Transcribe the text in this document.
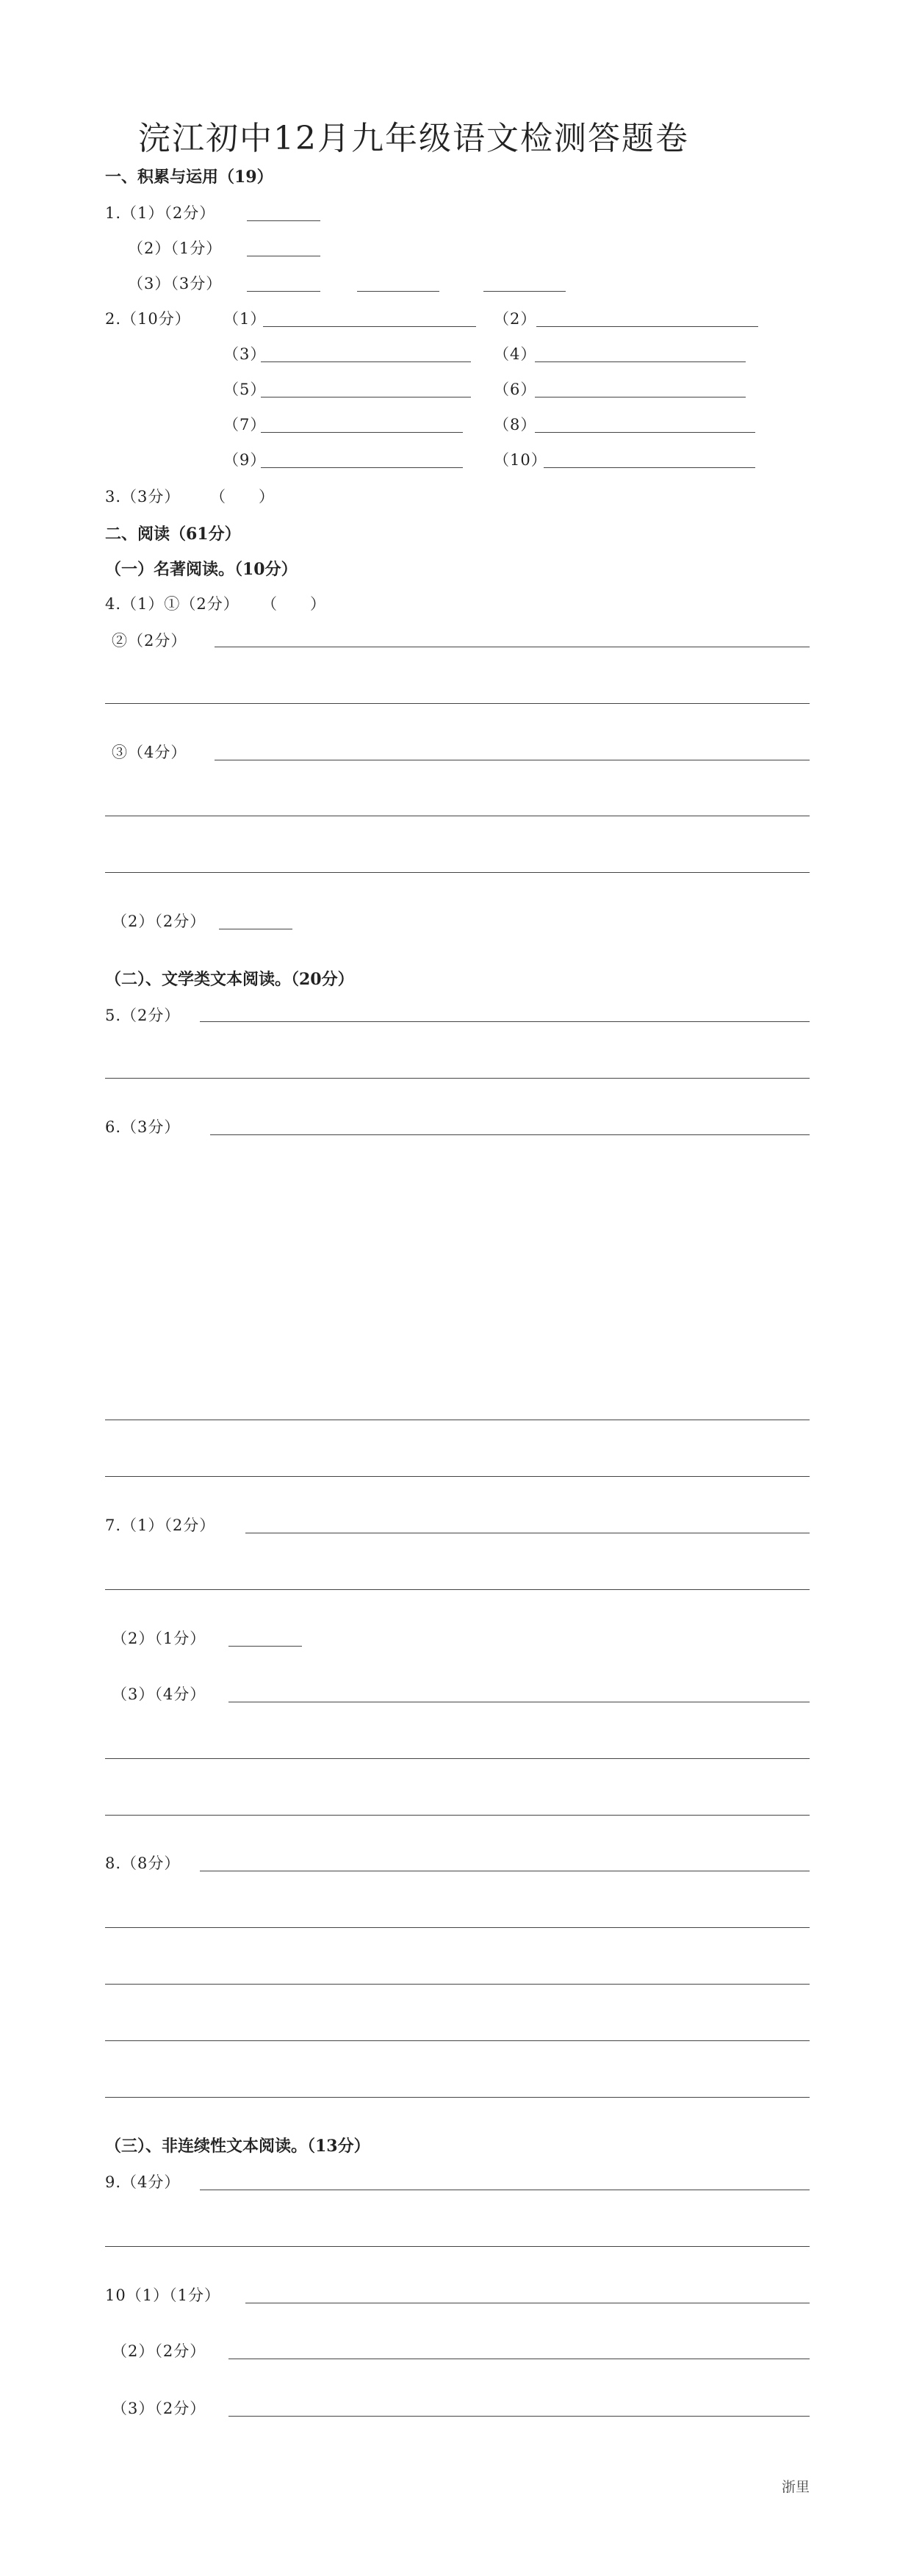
浣江初中12月九年级语文检测答题卷
一、积累与运用（19）
1.（1）（2分）
（2）（1分）
（3）（3分）
2.（10分） （1）	（2）
（3）	（4）
（5）	（6）
（7）	（8）
（9）	（10）
3.（3分） （　　）
二、阅读（61分）
（一）名著阅读。（10分）
4.（1）①（2分） （　　）
②（2分）
③（4分）
（2）（2分）
（二）、文学类文本阅读。（20分）
5.（2分）
6.（3分）
7.（1）（2分）
（2）（1分）
（3）（4分）
8.（8分）
（三）、非连续性文本阅读。（13分）
9.（4分）
10（1）（1分）
（2）（2分）
（3）（2分）
浙里
